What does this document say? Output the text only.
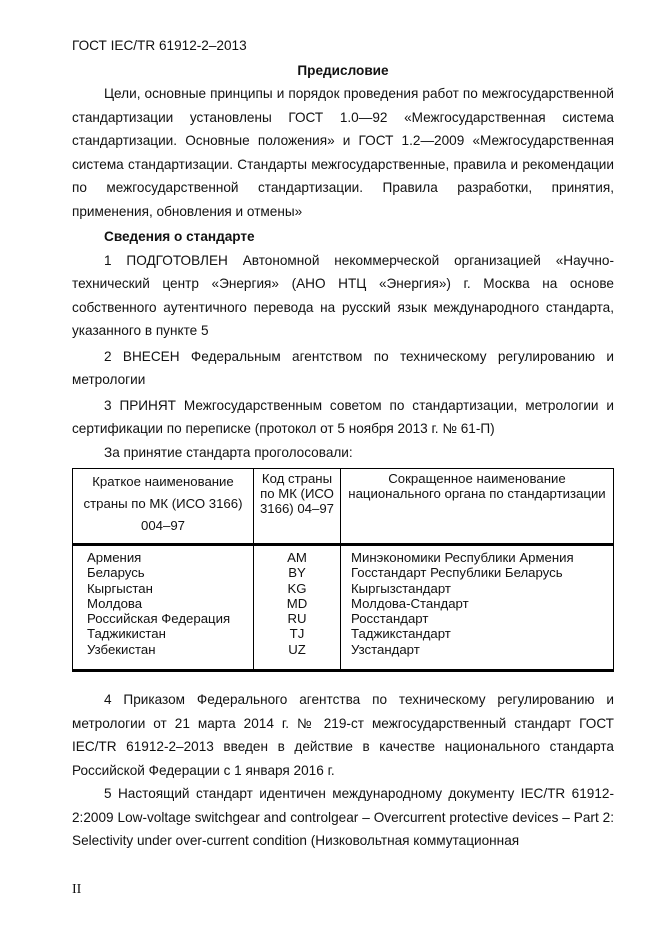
ГОСТ IEC/TR 61912-2–2013
Предисловие

Цели, основные принципы и порядок проведения работ по межгосударственной стандартизации установлены ГОСТ 1.0—92 «Межгосударственная система стандартизации. Основные положения» и ГОСТ 1.2—2009 «Межгосударственная система стандартизации. Стандарты межгосударственные, правила и рекомендации по межгосударственной стандартизации. Правила разработки, принятия, применения, обновления и отмены»

Сведения о стандарте

1 ПОДГОТОВЛЕН Автономной некоммерческой организацией «Научно-технический центр «Энергия» (АНО НТЦ «Энергия») г. Москва на основе собственного аутентичного перевода на русский язык международного стандарта, указанного в пункте 5

2 ВНЕСЕН Федеральным агентством по техническому регулированию и метрологии

3 ПРИНЯТ Межгосударственным советом по стандартизации, метрологии и сертификации по переписке (протокол от 5 ноября 2013 г. № 61-П)

За принятие стандарта проголосовали:

Краткое наименование страны по МК (ИСО 3166) 004–97	Код страны по МК (ИСО 3166) 04–97	Сокращенное наименование национального органа по стандартизации
Армения	AM	Минэкономики Республики Армения
Беларусь	BY	Госстандарт Республики Беларусь
Кыргыстан	KG	Кыргызстандарт
Молдова	MD	Молдова-Стандарт
Российская Федерация	RU	Росстандарт
Таджикистан	TJ	Таджикстандарт
Узбекистан	UZ	Узстандарт

4 Приказом Федерального агентства по техническому регулированию и метрологии от 21 марта 2014 г. № 219-ст межгосударственный стандарт ГОСТ IEC/TR 61912-2–2013 введен в действие в качестве национального стандарта Российской Федерации с 1 января 2016 г.

5 Настоящий стандарт идентичен международному документу IEC/TR 61912-2:2009 Low-voltage switchgear and controlgear – Overcurrent protective devices – Part 2: Selectivity under over-current condition (Низковольтная коммутационная

II
